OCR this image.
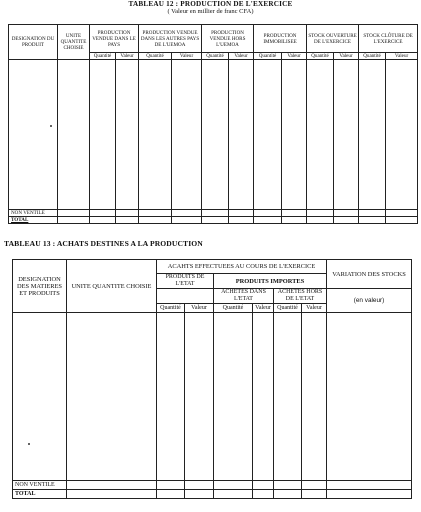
TABLEAU 12 : PRODUCTION DE L'EXERCICE
( Valeur en millier de franc CFA)
DESIGNATION DU PRODUIT	UNITE QUANTITE CHOISIE	PRODUCTION VENDUE DANS LE PAYS		PRODUCTION VENDUE DANS LES AUTRES PAYS DE L'UEMOA		PRODUCTION VENDUE HORS L'UEMOA		PRODUCTION IMMOBILISEE		STOCK OUVERTURE DE L'EXERCICE		STOCK CLÔTURE DE L'EXERCICE	
		Quantité	Valeur	Quantité	Valeur	Quantité	Valeur	Quantité	Valeur	Quantité	Valeur	Quantité	Valeur

NON VENTILE													
TOTAL													
TABLEAU 13 : ACHATS DESTINES A LA PRODUCTION
DESIGNATION DES MATIERES ET PRODUITS	UNITE QUANTITE CHOISIE	ACAHTS EFFECTUEES AU COURS DE L'EXERCICE						VARIATION DES STOCKS
		PRODUITS DE L'ETAT		PRODUITS IMPORTES				
				ACHETES DANS L'ETAT		ACHETES HORS DE L'ETAT		(en valeur)
		Quantité	Valeur	Quantité	Valeur	Quantité	Valeur	

NON VENTILE								
TOTAL								
